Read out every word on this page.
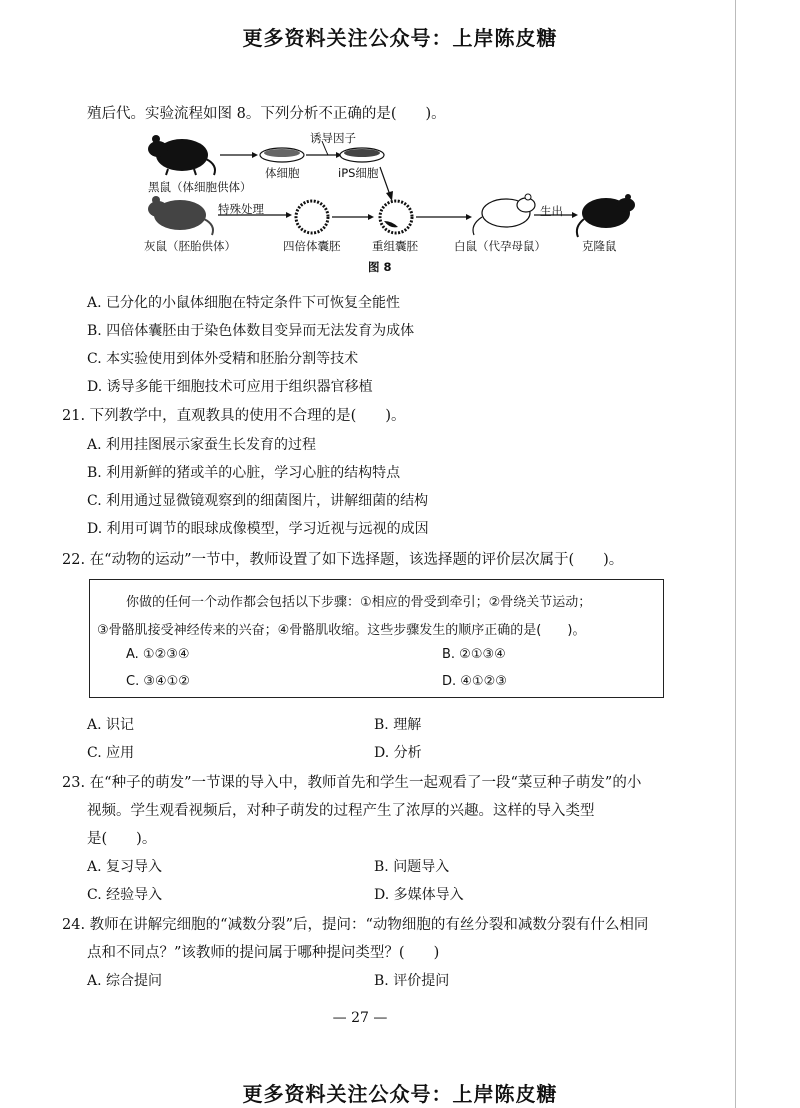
更多资料关注公众号：上岸陈皮糖
殖后代。实验流程如图 8。下列分析不正确的是(　　)。
诱导因子
体细胞	iPS细胞
黑鼠（体细胞供体）
特殊处理	生出
灰鼠（胚胎供体）	四倍体囊胚	重组囊胚	白鼠（代孕母鼠）	克隆鼠
图 8
A. 已分化的小鼠体细胞在特定条件下可恢复全能性
B. 四倍体囊胚由于染色体数目变异而无法发育为成体
C. 本实验使用到体外受精和胚胎分割等技术
D. 诱导多能干细胞技术可应用于组织器官移植
21. 下列教学中，直观教具的使用不合理的是(　　)。
A. 利用挂图展示家蚕生长发育的过程
B. 利用新鲜的猪或羊的心脏，学习心脏的结构特点
C. 利用通过显微镜观察到的细菌图片，讲解细菌的结构
D. 利用可调节的眼球成像模型，学习近视与远视的成因
22. 在“动物的运动”一节中，教师设置了如下选择题，该选择题的评价层次属于(　　)。
你做的任何一个动作都会包括以下步骤：①相应的骨受到牵引；②骨绕关节运动；
③骨骼肌接受神经传来的兴奋；④骨骼肌收缩。这些步骤发生的顺序正确的是(　　)。
A. ①②③④	B. ②①③④
C. ③④①②	D. ④①②③
A. 识记	B. 理解
C. 应用	D. 分析
23. 在“种子的萌发”一节课的导入中，教师首先和学生一起观看了一段“菜豆种子萌发”的小
视频。学生观看视频后，对种子萌发的过程产生了浓厚的兴趣。这样的导入类型
是(　　)。
A. 复习导入	B. 问题导入
C. 经验导入	D. 多媒体导入
24. 教师在讲解完细胞的“减数分裂”后，提问：“动物细胞的有丝分裂和减数分裂有什么相同
点和不同点？”该教师的提问属于哪种提问类型？(　　)
A. 综合提问	B. 评价提问
— 27 —
更多资料关注公众号：上岸陈皮糖
